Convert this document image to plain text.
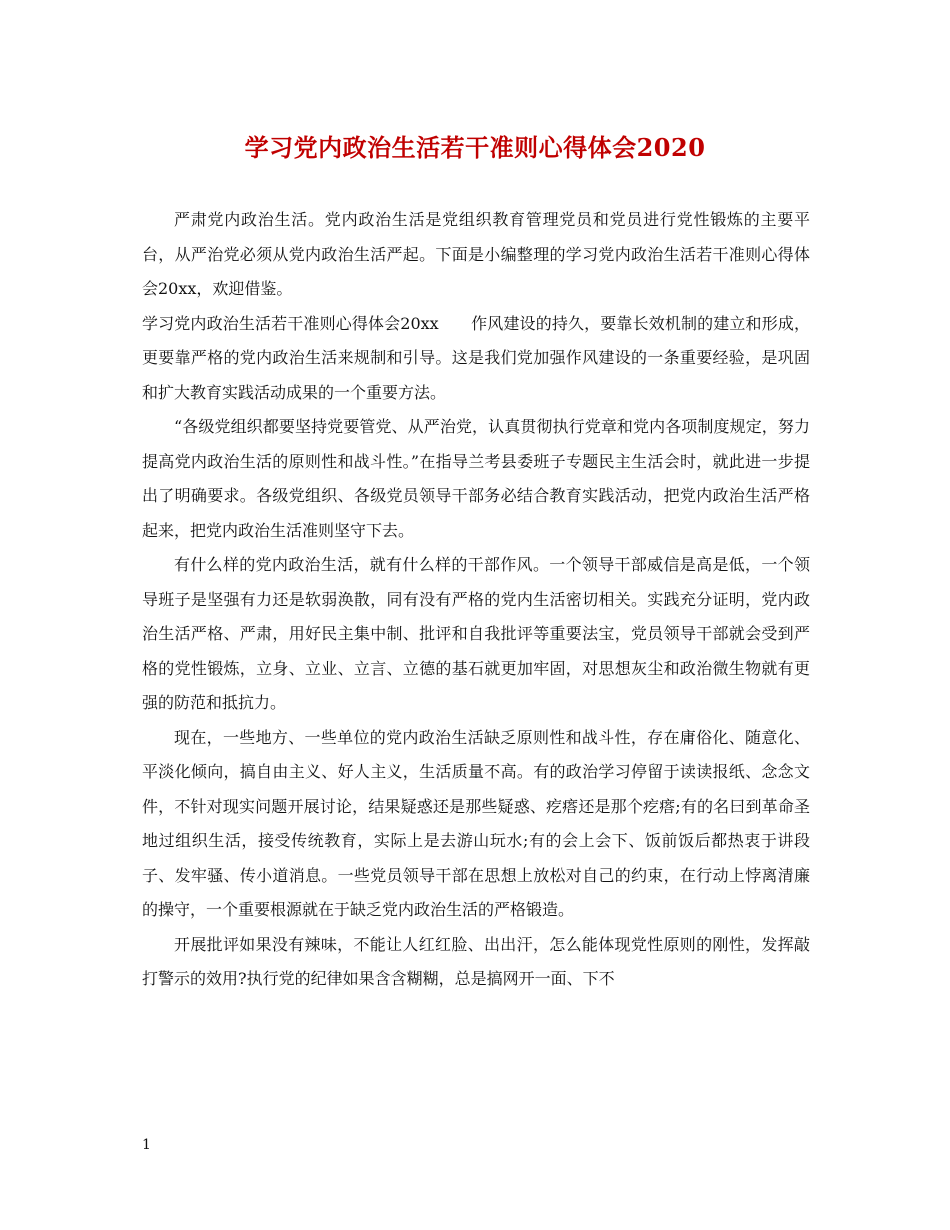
学习党内政治生活若干准则心得体会2020

严肃党内政治生活。党内政治生活是党组织教育管理党员和党员进行党性锻炼的主要平台，从严治党必须从党内政治生活严起。下面是小编整理的学习党内政治生活若干准则心得体会20xx，欢迎借鉴。

学习党内政治生活若干准则心得体会20xx　　作风建设的持久，要靠长效机制的建立和形成，更要靠严格的党内政治生活来规制和引导。这是我们党加强作风建设的一条重要经验，是巩固和扩大教育实践活动成果的一个重要方法。

“各级党组织都要坚持党要管党、从严治党，认真贯彻执行党章和党内各项制度规定，努力提高党内政治生活的原则性和战斗性。”在指导兰考县委班子专题民主生活会时，就此进一步提出了明确要求。各级党组织、各级党员领导干部务必结合教育实践活动，把党内政治生活严格起来，把党内政治生活准则坚守下去。

有什么样的党内政治生活，就有什么样的干部作风。一个领导干部威信是高是低，一个领导班子是坚强有力还是软弱涣散，同有没有严格的党内生活密切相关。实践充分证明，党内政治生活严格、严肃，用好民主集中制、批评和自我批评等重要法宝，党员领导干部就会受到严格的党性锻炼，立身、立业、立言、立德的基石就更加牢固，对思想灰尘和政治微生物就有更强的防范和抵抗力。

现在，一些地方、一些单位的党内政治生活缺乏原则性和战斗性，存在庸俗化、随意化、平淡化倾向，搞自由主义、好人主义，生活质量不高。有的政治学习停留于读读报纸、念念文件，不针对现实问题开展讨论，结果疑惑还是那些疑惑、疙瘩还是那个疙瘩;有的名曰到革命圣地过组织生活，接受传统教育，实际上是去游山玩水;有的会上会下、饭前饭后都热衷于讲段子、发牢骚、传小道消息。一些党员领导干部在思想上放松对自己的约束，在行动上悖离清廉的操守，一个重要根源就在于缺乏党内政治生活的严格锻造。

开展批评如果没有辣味，不能让人红红脸、出出汗，怎么能体现党性原则的刚性，发挥敲打警示的效用?执行党的纪律如果含含糊糊，总是搞网开一面、下不

1
